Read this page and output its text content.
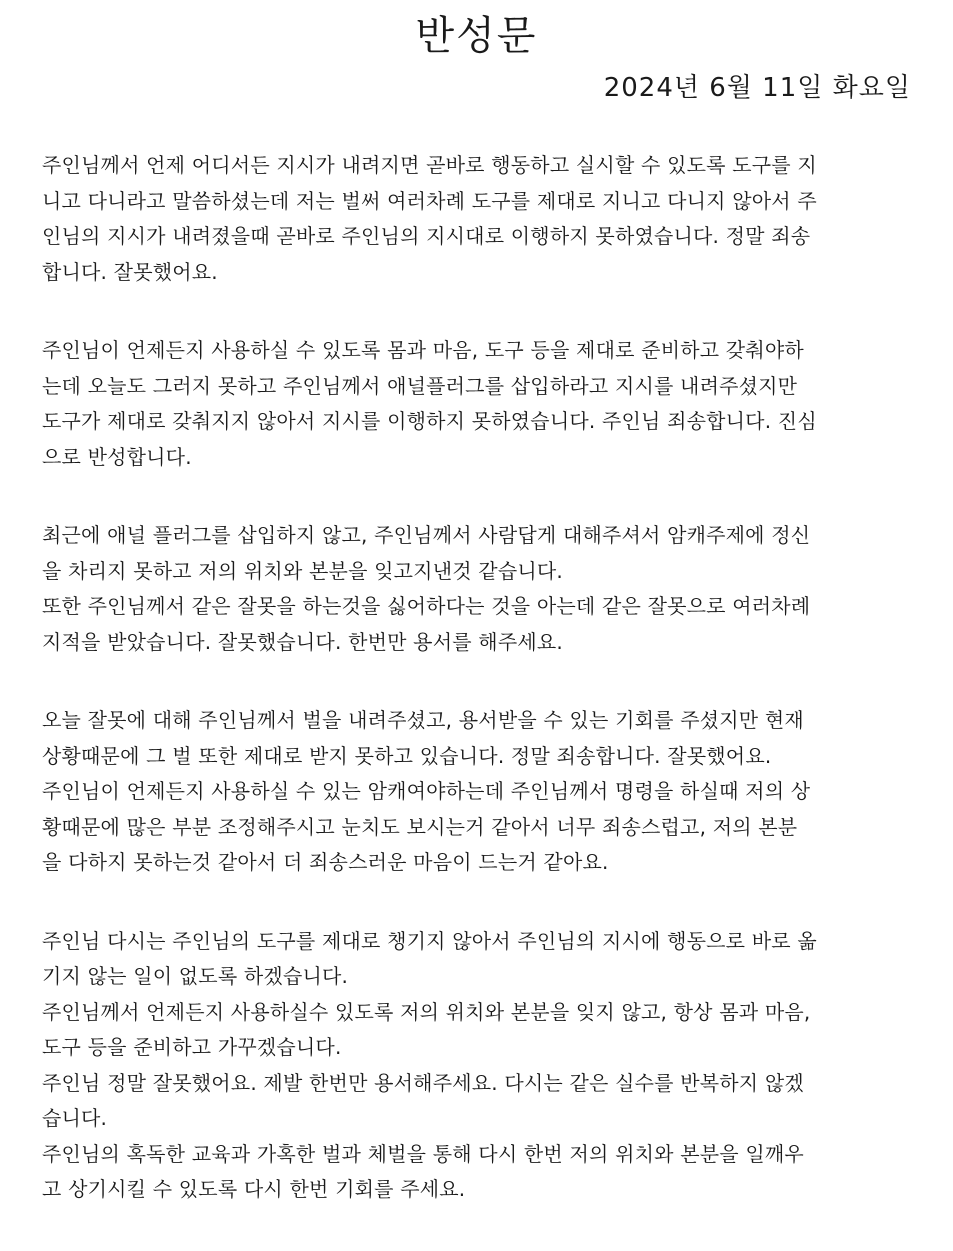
반성문
2024년 6월 11일 화요일
주인님께서 언제 어디서든 지시가 내려지면 곧바로 행동하고 실시할 수 있도록 도구를 지
니고 다니라고 말씀하셨는데 저는 벌써 여러차례 도구를 제대로 지니고 다니지 않아서 주
인님의 지시가 내려졌을때 곧바로 주인님의 지시대로 이행하지 못하였습니다. 정말 죄송
합니다. 잘못했어요.
주인님이 언제든지 사용하실 수 있도록 몸과 마음, 도구 등을 제대로 준비하고 갖춰야하
는데 오늘도 그러지 못하고 주인님께서 애널플러그를 삽입하라고 지시를 내려주셨지만
도구가 제대로 갖춰지지 않아서 지시를 이행하지 못하였습니다. 주인님 죄송합니다. 진심
으로 반성합니다.
최근에 애널 플러그를 삽입하지 않고, 주인님께서 사람답게 대해주셔서 암캐주제에 정신
을 차리지 못하고 저의 위치와 본분을 잊고지낸것 같습니다.
또한 주인님께서 같은 잘못을 하는것을 싫어하다는 것을 아는데 같은 잘못으로 여러차례
지적을 받았습니다. 잘못했습니다. 한번만 용서를 해주세요.
오늘 잘못에 대해 주인님께서 벌을 내려주셨고, 용서받을 수 있는 기회를 주셨지만 현재
상황때문에 그 벌 또한 제대로 받지 못하고 있습니다. 정말 죄송합니다. 잘못했어요.
주인님이 언제든지 사용하실 수 있는 암캐여야하는데 주인님께서 명령을 하실때 저의 상
황때문에 많은 부분 조정해주시고 눈치도 보시는거 같아서 너무 죄송스럽고, 저의 본분
을 다하지 못하는것 같아서 더 죄송스러운 마음이 드는거 같아요.
주인님 다시는 주인님의 도구를 제대로 챙기지 않아서 주인님의 지시에 행동으로 바로 옮
기지 않는 일이 없도록 하겠습니다.
주인님께서 언제든지 사용하실수 있도록 저의 위치와 본분을 잊지 않고, 항상 몸과 마음,
도구 등을 준비하고 가꾸겠습니다.
주인님 정말 잘못했어요. 제발 한번만 용서해주세요. 다시는 같은 실수를 반복하지 않겠
습니다.
주인님의 혹독한 교육과 가혹한 벌과 체벌을 통해 다시 한번 저의 위치와 본분을 일깨우
고 상기시킬 수 있도록 다시 한번 기회를 주세요.
